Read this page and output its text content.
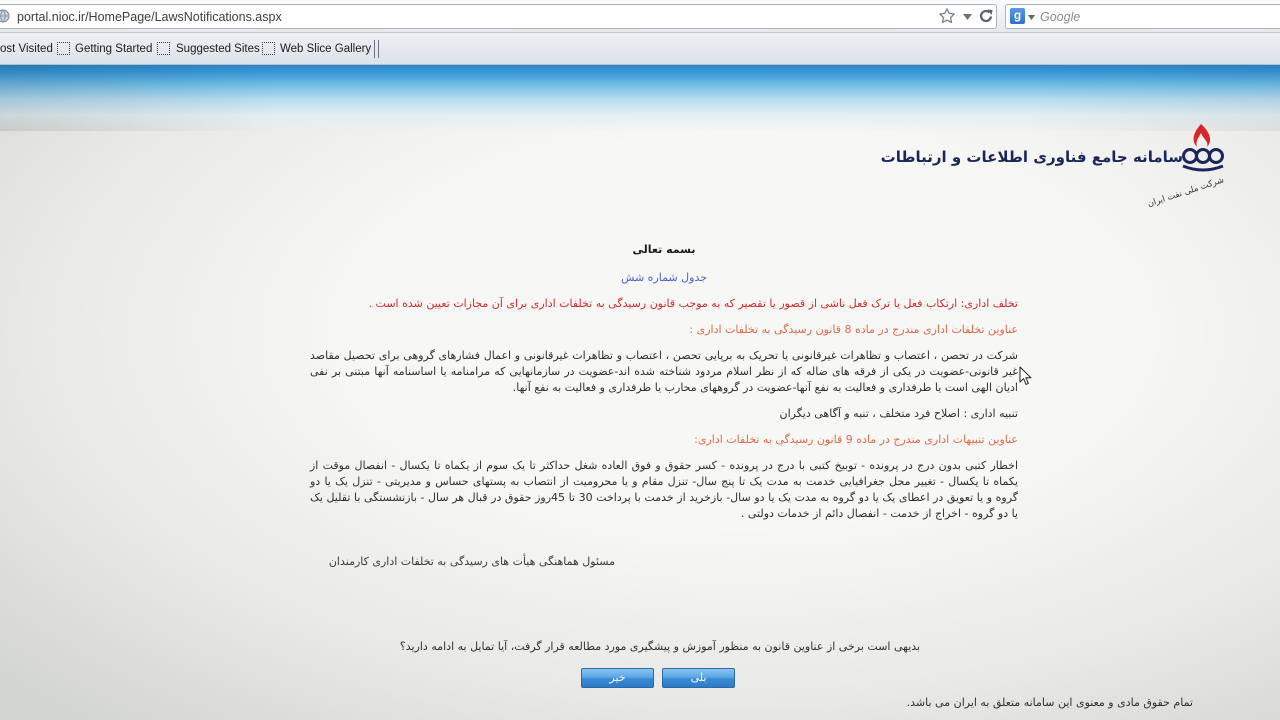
portal.nioc.ir/HomePage/LawsNotifications.aspx
g
Google
ost Visited Getting Started Suggested Sites Web Slice Gallery
سامانه جامع فناوری اطلاعات و ارتباطات
شرکت ملی نفت ایران

بسمه تعالی

جدول شماره شش

تخلف اداری: ارتکاب فعل یا ترک فعل ناشی از قصور یا تقصیر که به موجب قانون رسیدگی به تخلفات اداری برای آن مجازات تعیین شده است .

عناوین تخلفات اداری مندرج در ماده 8 قانون رسیدگی به تخلفات اداری :

شرکت در تحصن ، اعتصاب و تظاهرات غیرقانونی یا تحریک به برپایی تحصن ، اعتصاب و تظاهرات غیرقانونی و اعمال فشارهای گروهی برای تحصیل مقاصد غیر قانونی-عضویت در یکی از فرقه های ضاله که از نظر اسلام مردود شناخته شده اند-عضویت در سازمانهایی که مرامنامه یا اساسنامه آنها مبتنی بر نفی ادیان الهی است یا طرفداری و فعالیت به نفع آنها-عضویت در گروههای محارب یا طرفداری و فعالیت به نفع آنها.

تنبیه اداری : اصلاح فرد متخلف ، تنبه و آگاهی دیگران

عناوین تنبیهات اداری مندرج در ماده 9 قانون رسیدگی به تخلفات اداری:

اخطار کتبی بدون درج در پرونده - توبیخ کتبی با درج در پرونده - کسر حقوق و فوق العاده شغل حداکثر تا یک سوم از یکماه تا یکسال - انفصال موقت از یکماه تا یکسال - تغییر محل جغرافیایی خدمت به مدت یک تا پنج سال- تنزل مقام و یا محرومیت از انتصاب به پستهای حساس و مدیریتی - تنزل یک یا دو گروه و یا تعویق در اعطای یک یا دو گروه به مدت یک یا دو سال- بازخرید از خدمت با پرداخت 30 تا 45روز حقوق در قبال هر سال - بازنشستگی با تقلیل یک یا دو گروه - اخراج از خدمت - انفصال دائم از خدمات دولتی .

مسئول هماهنگی هیأت های رسیدگی به تخلفات اداری کارمندان
بدیهی است برخی از عناوین قانون به منظور آموزش و پیشگیری مورد مطالعه قرار گرفت، آیا تمایل به ادامه دارید؟
خیر	بلی
تمام حقوق مادی و معنوی این سامانه متعلق به ایران می باشد.
